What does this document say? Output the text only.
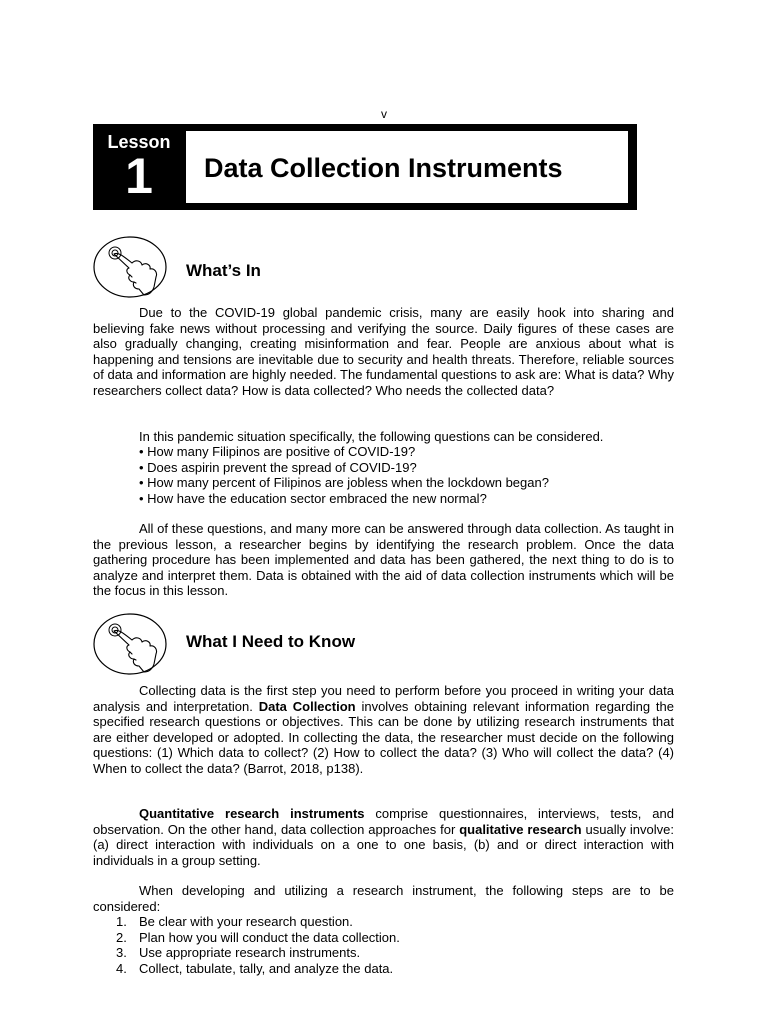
v
Lesson
1	Data Collection Instruments
What’s In

Due to the COVID-19 global pandemic crisis, many are easily hook into sharing and believing fake news without processing and verifying the source. Daily figures of these cases are also gradually changing, creating misinformation and fear. People are anxious about what is happening and tensions are inevitable due to security and health threats. Therefore, reliable sources of data and information are highly needed. The fundamental questions to ask are: What is data? Why researchers collect data? How is data collected? Who needs the collected data?

In this pandemic situation specifically, the following questions can be considered.

• How many Filipinos are positive of COVID-19?
• Does aspirin prevent the spread of COVID-19?
• How many percent of Filipinos are jobless when the lockdown began?
• How have the education sector embraced the new normal?

All of these questions, and many more can be answered through data collection. As taught in the previous lesson, a researcher begins by identifying the research problem. Once the data gathering procedure has been implemented and data has been gathered, the next thing to do is to analyze and interpret them. Data is obtained with the aid of data collection instruments which will be the focus in this lesson.

What I Need to Know

Collecting data is the first step you need to perform before you proceed in writing your data analysis and interpretation. Data Collection involves obtaining relevant information regarding the specified research questions or objectives. This can be done by utilizing research instruments that are either developed or adopted. In collecting the data, the researcher must decide on the following questions: (1) Which data to collect? (2) How to collect the data? (3) Who will collect the data? (4) When to collect the data? (Barrot, 2018, p138).

Quantitative research instruments comprise questionnaires, interviews, tests, and observation. On the other hand, data collection approaches for qualitative research usually involve: (a) direct interaction with individuals on a one to one basis, (b) and or direct interaction with individuals in a group setting.

When developing and utilizing a research instrument, the following steps are to be considered:

1. Be clear with your research question.
2. Plan how you will conduct the data collection.
3. Use appropriate research instruments.
4. Collect, tabulate, tally, and analyze the data.
